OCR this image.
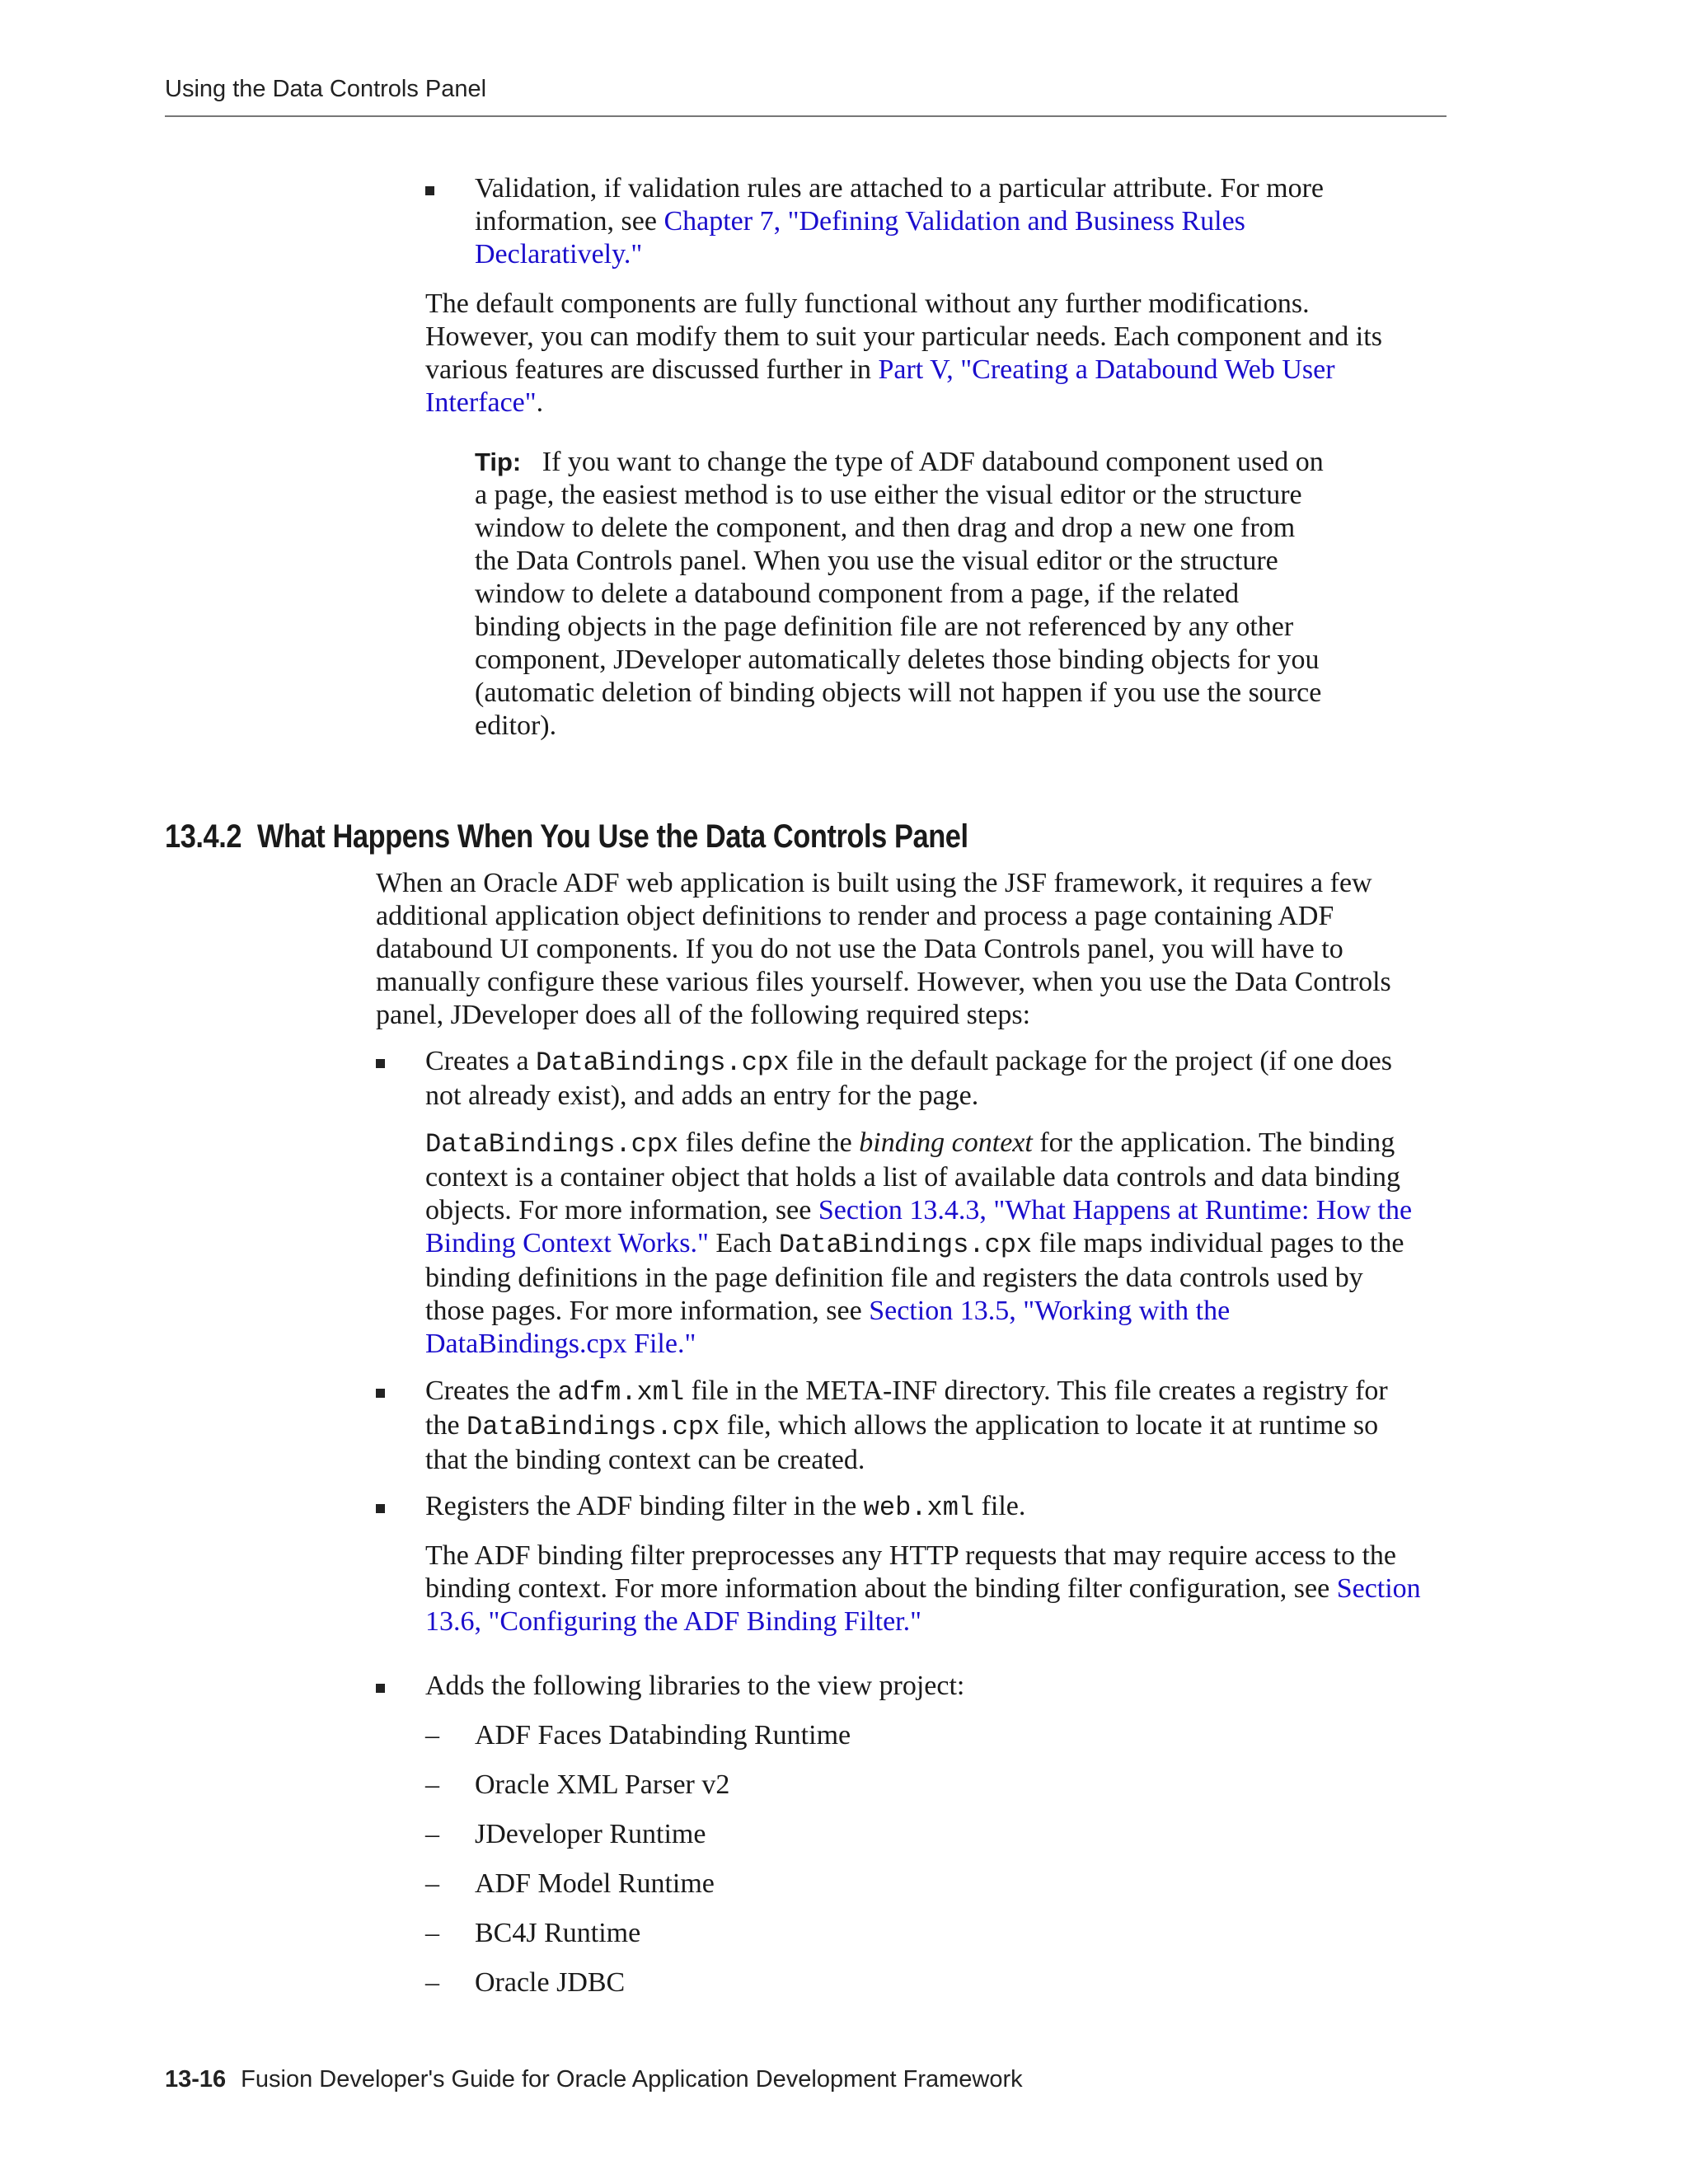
Using the Data Controls Panel
Validation, if validation rules are attached to a particular attribute. For more information, see Chapter 7, "Defining Validation and Business Rules Declaratively."
The default components are fully functional without any further modifications. However, you can modify them to suit your particular needs. Each component and its various features are discussed further in Part V, "Creating a Databound Web User Interface".
Tip: If you want to change the type of ADF databound component used on a page, the easiest method is to use either the visual editor or the structure window to delete the component, and then drag and drop a new one from the Data Controls panel. When you use the visual editor or the structure window to delete a databound component from a page, if the related binding objects in the page definition file are not referenced by any other component, JDeveloper automatically deletes those binding objects for you (automatic deletion of binding objects will not happen if you use the source editor).
13.4.2 What Happens When You Use the Data Controls Panel
When an Oracle ADF web application is built using the JSF framework, it requires a few additional application object definitions to render and process a page containing ADF databound UI components. If you do not use the Data Controls panel, you will have to manually configure these various files yourself. However, when you use the Data Controls panel, JDeveloper does all of the following required steps:
Creates a DataBindings.cpx file in the default package for the project (if one does not already exist), and adds an entry for the page.
DataBindings.cpx files define the binding context for the application. The binding context is a container object that holds a list of available data controls and data binding objects. For more information, see Section 13.4.3, "What Happens at Runtime: How the Binding Context Works." Each DataBindings.cpx file maps individual pages to the binding definitions in the page definition file and registers the data controls used by those pages. For more information, see Section 13.5, "Working with the DataBindings.cpx File."
Creates the adfm.xml file in the META-INF directory. This file creates a registry for the DataBindings.cpx file, which allows the application to locate it at runtime so that the binding context can be created.
Registers the ADF binding filter in the web.xml file.
The ADF binding filter preprocesses any HTTP requests that may require access to the binding context. For more information about the binding filter configuration, see Section 13.6, "Configuring the ADF Binding Filter."
Adds the following libraries to the view project:
– ADF Faces Databinding Runtime
– Oracle XML Parser v2
– JDeveloper Runtime
– ADF Model Runtime
– BC4J Runtime
– Oracle JDBC
13-16 Fusion Developer's Guide for Oracle Application Development Framework
